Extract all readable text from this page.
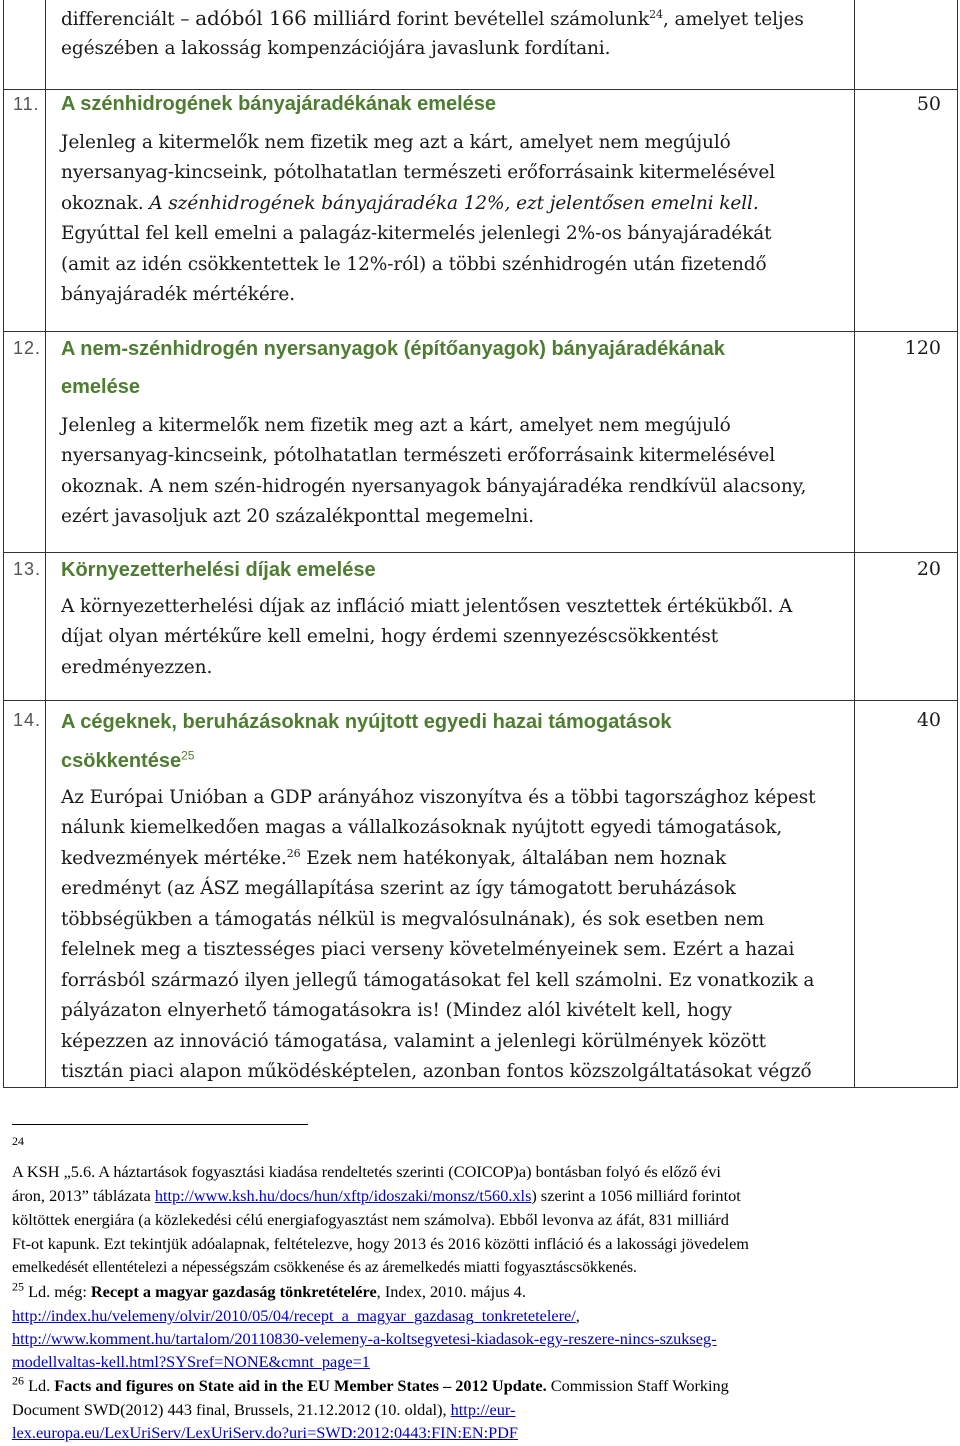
differenciált – adóból 166 milliárd forint bevétellel számolunk$^{24}$, amelyet teljes
egészében a lakosság kompenzációjára javaslunk fordítani.
11. A szénhidrogének bányajáradékának emelése	50
Jelenleg a kitermelők nem fizetik meg azt a kárt, amelyet nem megújuló
nyersanyag-kincseink, pótolhatatlan természeti erőforrásaink kitermelésével
okoznak. A szénhidrogének bányajáradéka 12%, ezt jelentősen emelni kell.
Egyúttal fel kell emelni a palagáz-kitermelés jelenlegi 2%-os bányajáradékát
(amit az idén csökkentettek le 12%-ról) a többi szénhidrogén után fizetendő
bányajáradék mértékére.
12. A nem-szénhidrogén nyersanyagok (építőanyagok) bányajáradékának
emelése
120
Jelenleg a kitermelők nem fizetik meg azt a kárt, amelyet nem megújuló
nyersanyag-kincseink, pótolhatatlan természeti erőforrásaink kitermelésével
okoznak. A nem szén-hidrogén nyersanyagok bányajáradéka rendkívül alacsony,
ezért javasoljuk azt 20 százalékponttal megemelni.
13. Környezetterhelési díjak emelése	20
A környezetterhelési díjak az infláció miatt jelentősen vesztettek értékükből. A
díjat olyan mértékűre kell emelni, hogy érdemi szennyezéscsökkentést
eredményezzen.
14. A cégeknek, beruházásoknak nyújtott egyedi hazai támogatások
csökkentése$^{25}$
40
Az Európai Unióban a GDP arányához viszonyítva és a többi tagországhoz képest
nálunk kiemelkedően magas a vállalkozásoknak nyújtott egyedi támogatások,
kedvezmények mértéke.$^{26}$ Ezek nem hatékonyak, általában nem hoznak
eredményt (az ÁSZ megállapítása szerint az így támogatott beruházások
többségükben a támogatás nélkül is megvalósulnának), és sok esetben nem
felelnek meg a tisztességes piaci verseny követelményeinek sem. Ezért a hazai
forrásból származó ilyen jellegű támogatásokat fel kell számolni. Ez vonatkozik a
pályázaton elnyerhető támogatásokra is! (Mindez alól kivételt kell, hogy
képezzen az innováció támogatása, valamint a jelenlegi körülmények között
tisztán piaci alapon működésképtelen, azonban fontos közszolgáltatásokat végző
24
A KSH „5.6. A háztartások fogyasztási kiadása rendeltetés szerinti (COICOP)a) bontásban folyó és előző évi
áron, 2013” táblázata http://www.ksh.hu/docs/hun/xftp/idoszaki/monsz/t560.xls) szerint a 1056 milliárd forintot
költöttek energiára (a közlekedési célú energiafogyasztást nem számolva). Ebből levonva az áfát, 831 milliárd
Ft-ot kapunk. Ezt tekintjük adóalapnak, feltételezve, hogy 2013 és 2016 közötti infláció és a lakossági jövedelem
emelkedését ellentételezi a népességszám csökkenése és az áremelkedés miatti fogyasztáscsökkenés.
$^{25}$ Ld. még: Recept a magyar gazdaság tönkretételére, Index, 2010. május 4.
http://index.hu/velemeny/olvir/2010/05/04/recept_a_magyar_gazdasag_tonkretetelere/,
http://www.komment.hu/tartalom/20110830-velemeny-a-koltsegvetesi-kiadasok-egy-reszere-nincs-szukseg-
modellvaltas-kell.html?SYSref=NONE&cmnt_page=1
$^{26}$ Ld. Facts and figures on State aid in the EU Member States – 2012 Update. Commission Staff Working
Document SWD(2012) 443 final, Brussels, 21.12.2012 (10. oldal), http://eur-
lex.europa.eu/LexUriServ/LexUriServ.do?uri=SWD:2012:0443:FIN:EN:PDF
